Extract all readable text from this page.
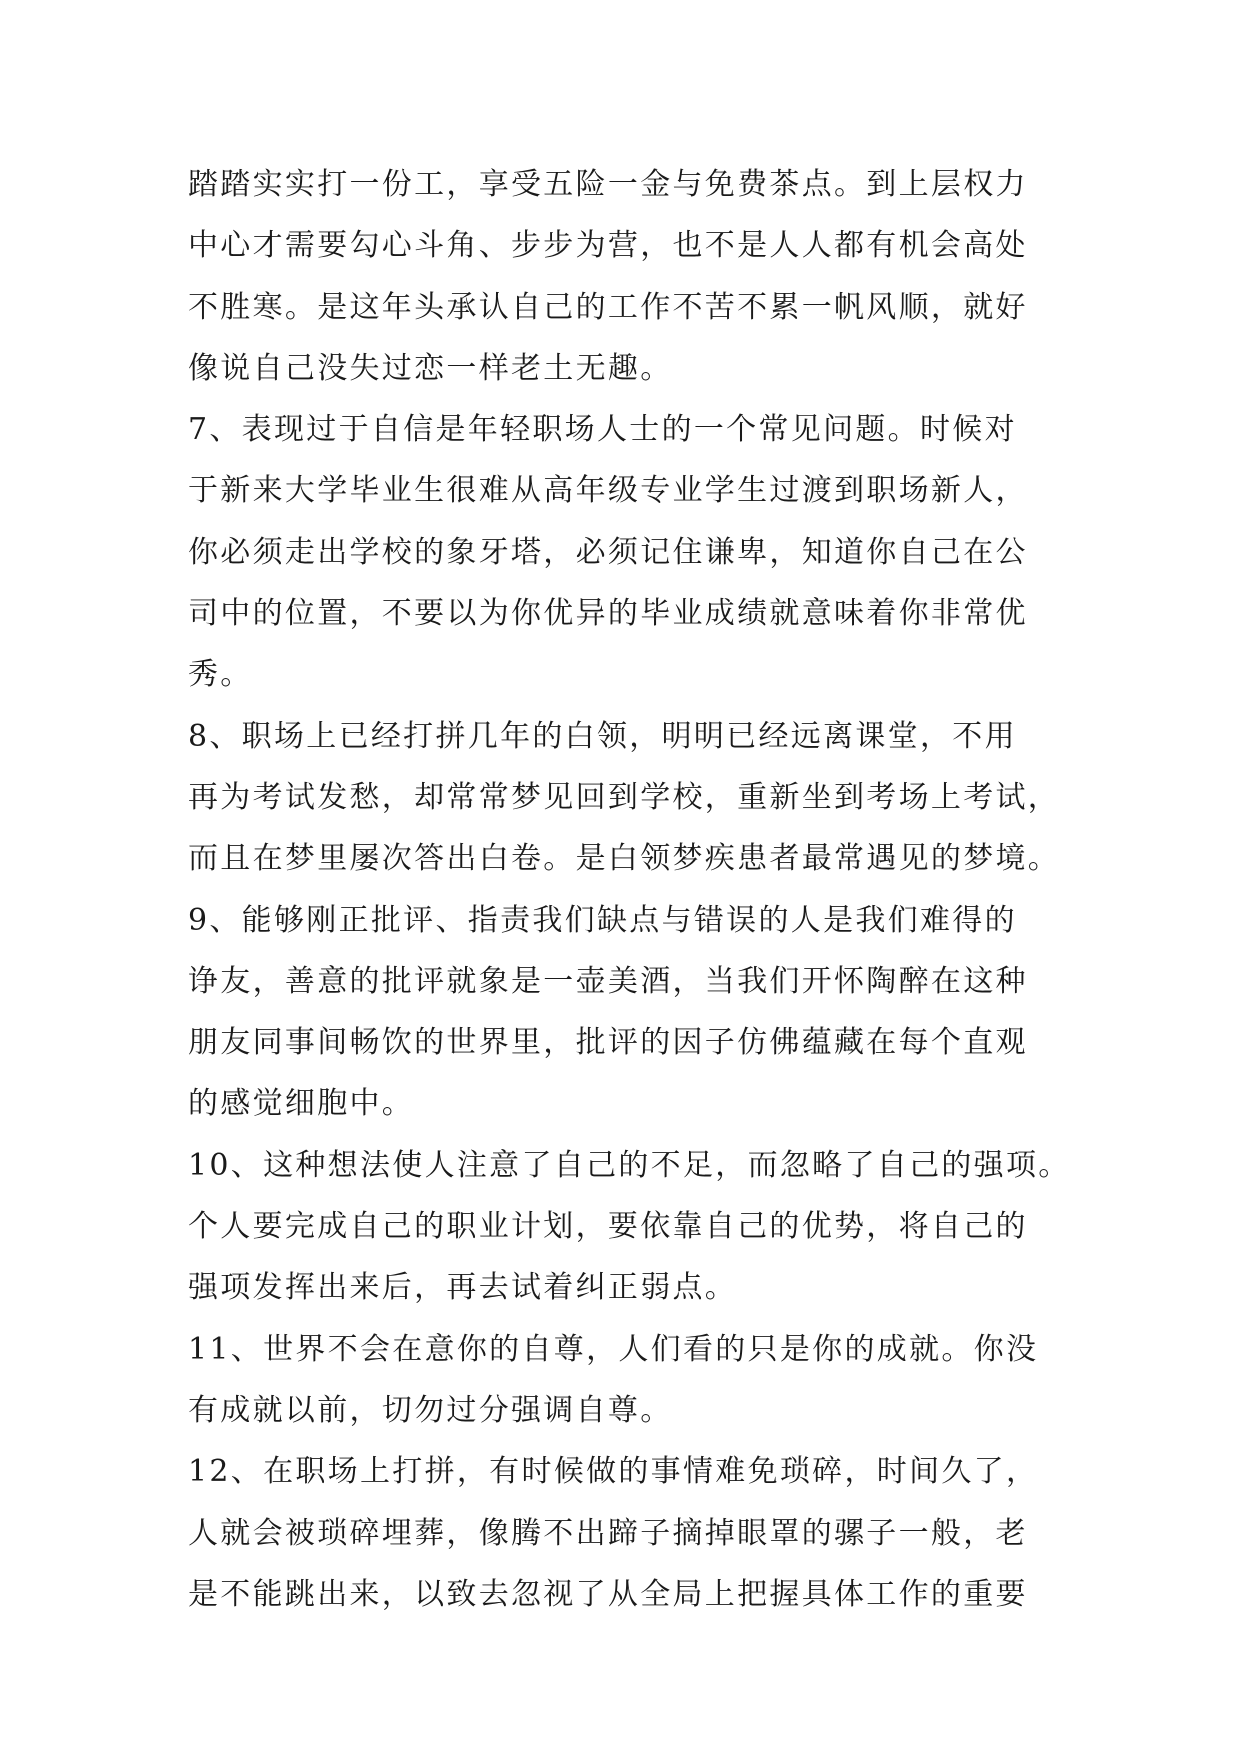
踏踏实实打一份工，享受五险一金与免费茶点。到上层权力
中心才需要勾心斗角、步步为营，也不是人人都有机会高处
不胜寒。是这年头承认自己的工作不苦不累一帆风顺，就好
像说自己没失过恋一样老土无趣。
7、表现过于自信是年轻职场人士的一个常见问题。时候对
于新来大学毕业生很难从高年级专业学生过渡到职场新人，
你必须走出学校的象牙塔，必须记住谦卑，知道你自己在公
司中的位置，不要以为你优异的毕业成绩就意味着你非常优
秀。
8、职场上已经打拼几年的白领，明明已经远离课堂，不用
再为考试发愁，却常常梦见回到学校，重新坐到考场上考试，
而且在梦里屡次答出白卷。是白领梦疾患者最常遇见的梦境。
9、能够刚正批评、指责我们缺点与错误的人是我们难得的
诤友，善意的批评就象是一壶美酒，当我们开怀陶醉在这种
朋友同事间畅饮的世界里，批评的因子仿佛蕴藏在每个直观
的感觉细胞中。
10、这种想法使人注意了自己的不足，而忽略了自己的强项。
个人要完成自己的职业计划，要依靠自己的优势，将自己的
强项发挥出来后，再去试着纠正弱点。
11、世界不会在意你的自尊，人们看的只是你的成就。你没
有成就以前，切勿过分强调自尊。
12、在职场上打拼，有时候做的事情难免琐碎，时间久了，
人就会被琐碎埋葬，像腾不出蹄子摘掉眼罩的骡子一般，老
是不能跳出来，以致去忽视了从全局上把握具体工作的重要
